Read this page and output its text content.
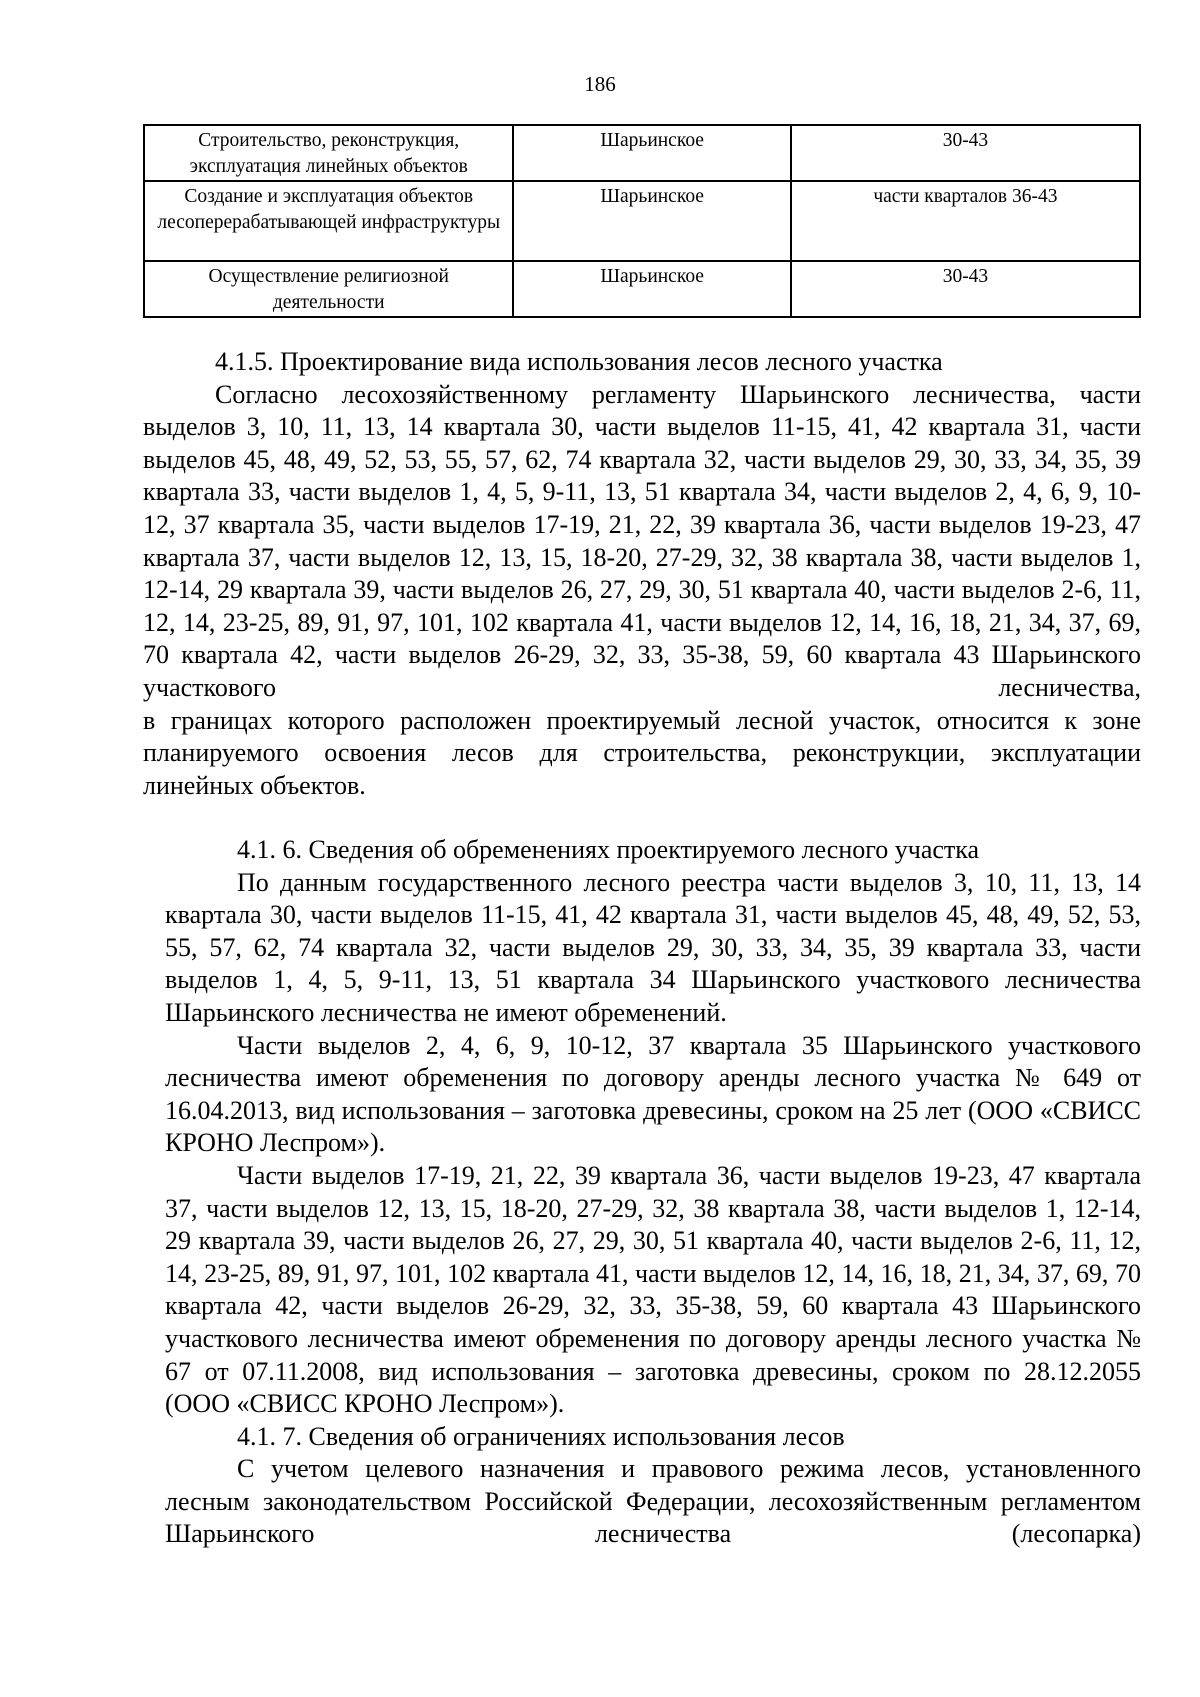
186
Строительство, реконструкция, эксплуатация линейных объектов	Шарьинское	30-43
Создание и эксплуатация объектов лесоперерабатывающей инфраструктуры	Шарьинское	части кварталов 36-43
Осуществление религиозной деятельности	Шарьинское	30-43

4.1.5. Проектирование вида использования лесов лесного участка

Согласно лесохозяйственному регламенту Шарьинского лесничества, части выделов 3, 10, 11, 13, 14 квартала 30, части выделов 11-15, 41, 42 квартала 31, части выделов 45, 48, 49, 52, 53, 55, 57, 62, 74 квартала 32, части выделов 29, 30, 33, 34, 35, 39 квартала 33, части выделов 1, 4, 5, 9-11, 13, 51 квартала 34, части выделов 2, 4, 6, 9, 10-12, 37 квартала 35, части выделов 17-19, 21, 22, 39 квартала 36, части выделов 19-23, 47 квартала 37, части выделов 12, 13, 15, 18-20, 27-29, 32, 38 квартала 38, части выделов 1, 12-14, 29 квартала 39, части выделов 26, 27, 29, 30, 51 квартала 40, части выделов 2-6, 11, 12, 14, 23-25, 89, 91, 97, 101, 102 квартала 41, части выделов 12, 14, 16, 18, 21, 34, 37, 69, 70 квартала 42, части выделов 26-29, 32, 33, 35-38, 59, 60 квартала 43 Шарьинского участкового лесничества,

в границах которого расположен проектируемый лесной участок, относится к зоне планируемого освоения лесов для строительства, реконструкции, эксплуатации линейных объектов.

4.1. 6. Сведения об обременениях проектируемого лесного участка

По данным государственного лесного реестра части выделов 3, 10, 11, 13, 14 квартала 30, части выделов 11-15, 41, 42 квартала 31, части выделов 45, 48, 49, 52, 53, 55, 57, 62, 74 квартала 32, части выделов 29, 30, 33, 34, 35, 39 квартала 33, части выделов 1, 4, 5, 9-11, 13, 51 квартала 34 Шарьинского участкового лесничества Шарьинского лесничества не имеют обременений.

Части выделов 2, 4, 6, 9, 10-12, 37 квартала 35 Шарьинского участкового лесничества имеют обременения по договору аренды лесного участка № 649 от 16.04.2013, вид использования – заготовка древесины, сроком на 25 лет (ООО «СВИСС КРОНО Леспром»).

Части выделов 17-19, 21, 22, 39 квартала 36, части выделов 19-23, 47 квартала 37, части выделов 12, 13, 15, 18-20, 27-29, 32, 38 квартала 38, части выделов 1, 12-14, 29 квартала 39, части выделов 26, 27, 29, 30, 51 квартала 40, части выделов 2-6, 11, 12, 14, 23-25, 89, 91, 97, 101, 102 квартала 41, части выделов 12, 14, 16, 18, 21, 34, 37, 69, 70 квартала 42, части выделов 26-29, 32, 33, 35-38, 59, 60 квартала 43 Шарьинского участкового лесничества имеют обременения по договору аренды лесного участка № 67 от 07.11.2008, вид использования – заготовка древесины, сроком по 28.12.2055 (ООО «СВИСС КРОНО Леспром»).

4.1. 7. Сведения об ограничениях использования лесов

С учетом целевого назначения и правового режима лесов, установленного лесным законодательством Российской Федерации, лесохозяйственным регламентом Шарьинского лесничества (лесопарка)
